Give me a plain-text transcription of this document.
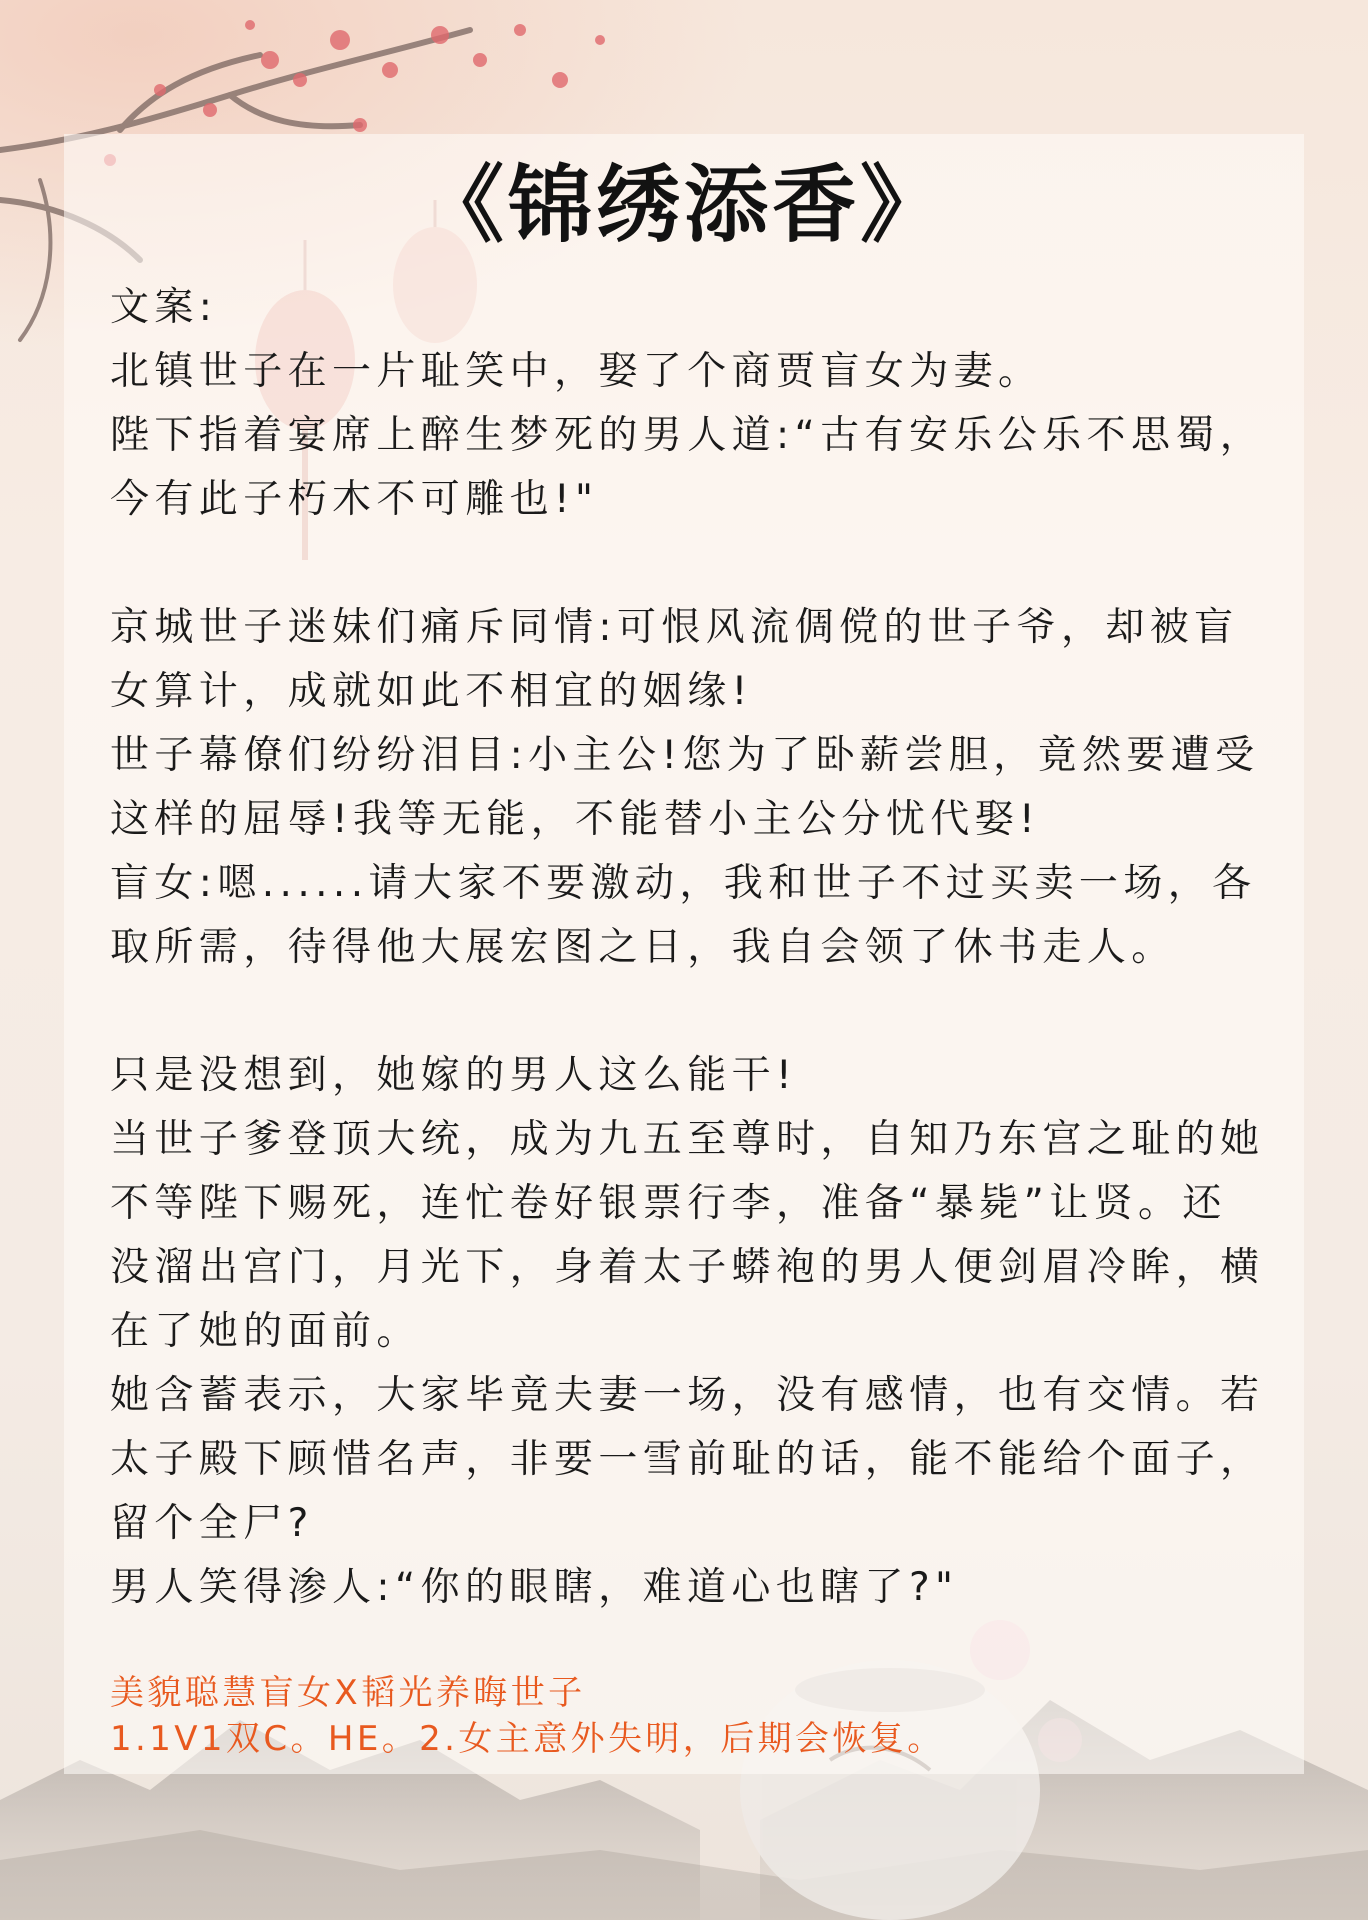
《锦绣添香》

文案:

北镇世子在一片耻笑中，娶了个商贾盲女为妻。

陛下指着宴席上醉生梦死的男人道:“古有安乐公乐不思蜀，今有此子朽木不可雕也!"

京城世子迷妹们痛斥同情:可恨风流倜傥的世子爷，却被盲女算计，成就如此不相宜的姻缘!

世子幕僚们纷纷泪目:小主公!您为了卧薪尝胆，竟然要遭受这样的屈辱!我等无能，不能替小主公分忧代娶!

盲女:嗯......请大家不要激动，我和世子不过买卖一场，各取所需，待得他大展宏图之日，我自会领了休书走人。

只是没想到，她嫁的男人这么能干!

当世子爹登顶大统，成为九五至尊时，自知乃东宫之耻的她不等陛下赐死，连忙卷好银票行李，准备“暴毙”让贤。还没溜出宫门，月光下，身着太子蟒袍的男人便剑眉冷眸，横在了她的面前。

她含蓄表示，大家毕竟夫妻一场，没有感情，也有交情。若太子殿下顾惜名声，非要一雪前耻的话，能不能给个面子，留个全尸?

男人笑得渗人:“你的眼瞎，难道心也瞎了?"

美貌聪慧盲女X韬光养晦世子
1.1V1双C。HE。2.女主意外失明，后期会恢复。
